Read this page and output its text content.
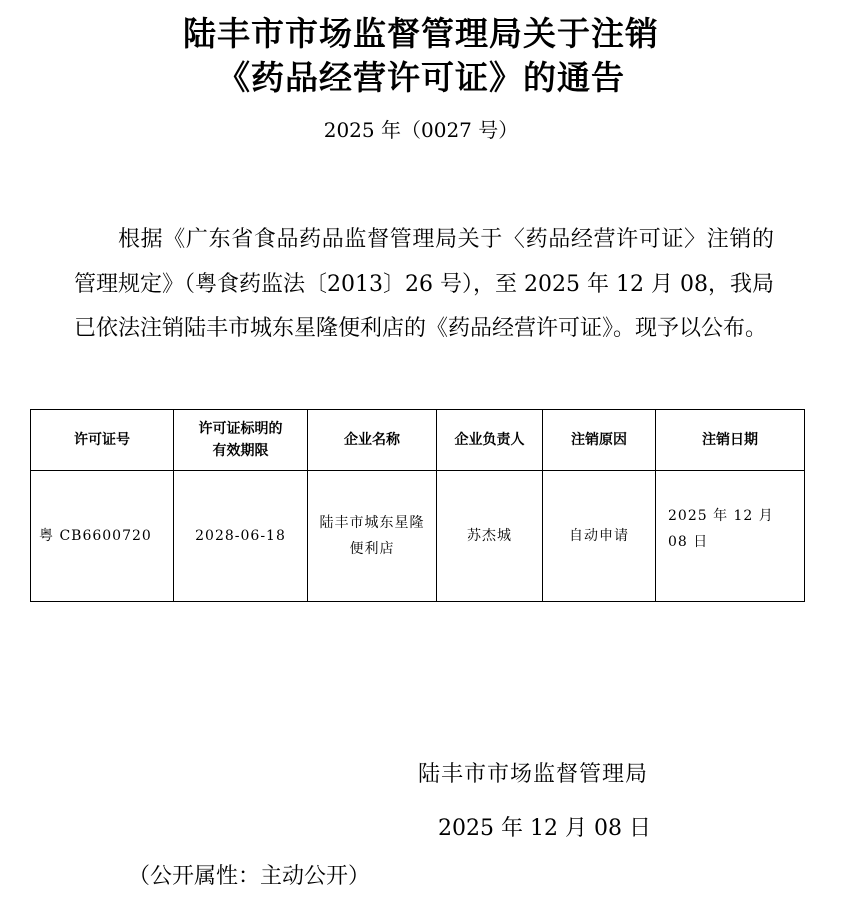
陆丰市市场监督管理局关于注销
《药品经营许可证》的通告
2025 年（0027 号）

根据《广东省食品药品监督管理局关于〈药品经营许可证〉注销的管理规定》（粤食药监法〔2013〕26 号），至 2025 年 12 月 08，我局已依法注销陆丰市城东星隆便利店的《药品经营许可证》。现予以公布。

许可证号	许可证标明的有效期限	企业名称	企业负责人	注销原因	注销日期
粤 CB6600720	2028-06-18	陆丰市城东星隆便利店	苏杰城	自动申请	2025 年 12 月 08 日
陆丰市市场监督管理局
2025 年 12 月 08 日
（公开属性：主动公开）
